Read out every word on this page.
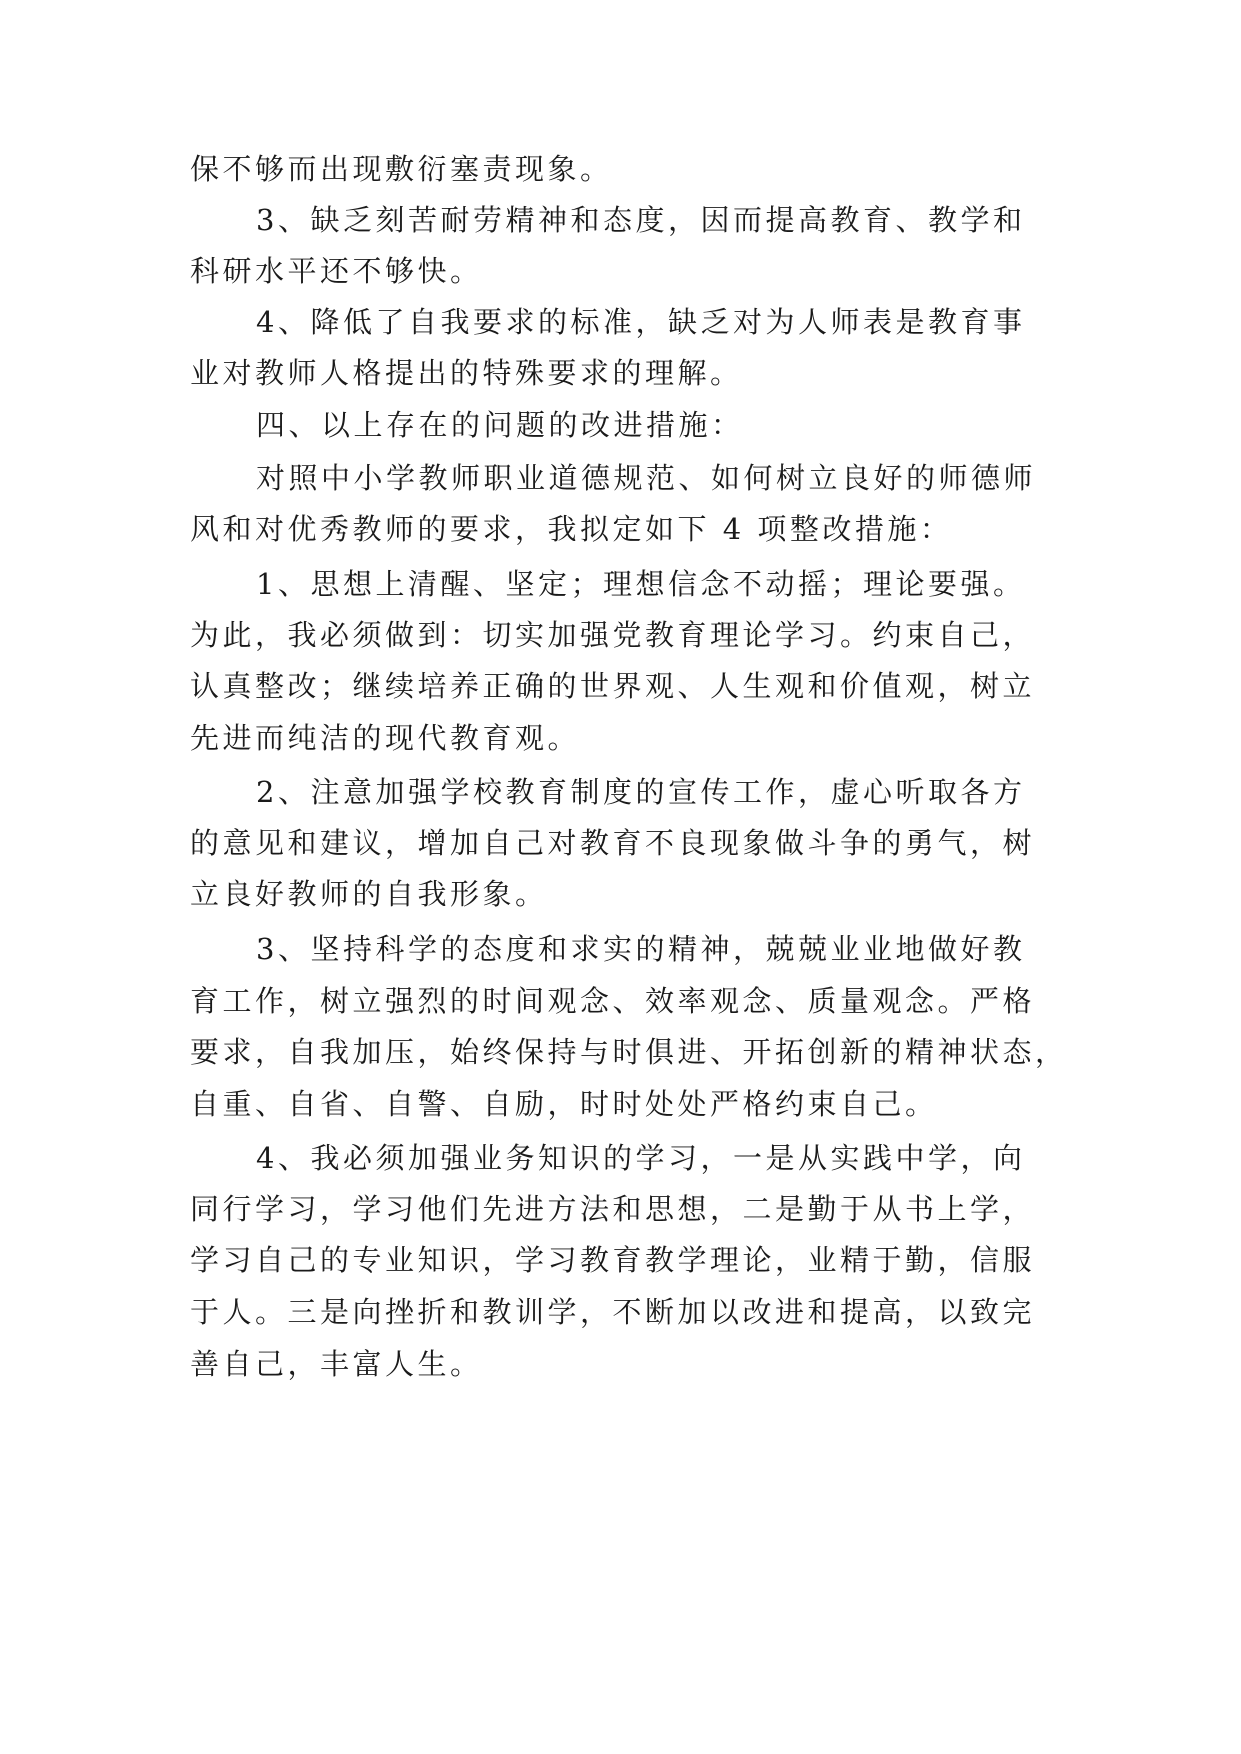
保不够而出现敷衍塞责现象。
3、缺乏刻苦耐劳精神和态度，因而提高教育、教学和
科研水平还不够快。
4、降低了自我要求的标准，缺乏对为人师表是教育事
业对教师人格提出的特殊要求的理解。
四、以上存在的问题的改进措施：
对照中小学教师职业道德规范、如何树立良好的师德师
风和对优秀教师的要求，我拟定如下 4 项整改措施：
1、思想上清醒、坚定；理想信念不动摇；理论要强。
为此，我必须做到：切实加强党教育理论学习。约束自己，
认真整改；继续培养正确的世界观、人生观和价值观，树立
先进而纯洁的现代教育观。
2、注意加强学校教育制度的宣传工作，虚心听取各方
的意见和建议，增加自己对教育不良现象做斗争的勇气，树
立良好教师的自我形象。
3、坚持科学的态度和求实的精神，兢兢业业地做好教
育工作，树立强烈的时间观念、效率观念、质量观念。严格
要求，自我加压，始终保持与时俱进、开拓创新的精神状态，
自重、自省、自警、自励，时时处处严格约束自己。
4、我必须加强业务知识的学习，一是从实践中学，向
同行学习，学习他们先进方法和思想，二是勤于从书上学，
学习自己的专业知识，学习教育教学理论，业精于勤，信服
于人。三是向挫折和教训学，不断加以改进和提高，以致完
善自己，丰富人生。
